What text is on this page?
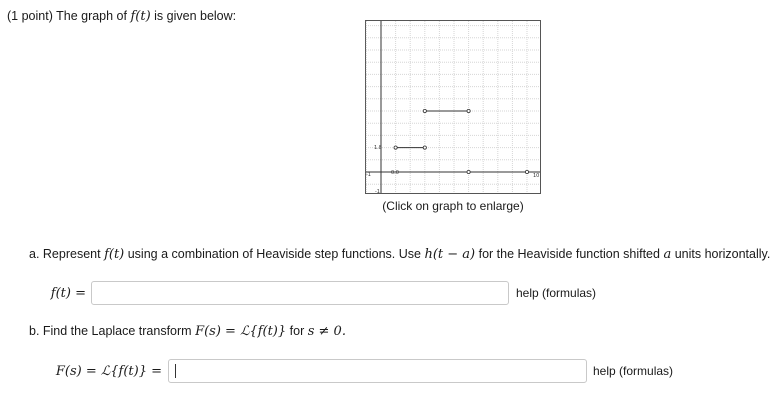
(1 point) The graph of f(t) is given below:
1.8
-1	0.0	10
-1
(Click on graph to enlarge)
a. Represent f(t) using a combination of Heaviside step functions. Use h(t − a) for the Heaviside function shifted a units horizontally.
f(t) =	help (formulas)
b. Find the Laplace transform F(s) = ℒ{f(t)} for s ≠ 0.
F(s) = ℒ{f(t)} =	help (formulas)
